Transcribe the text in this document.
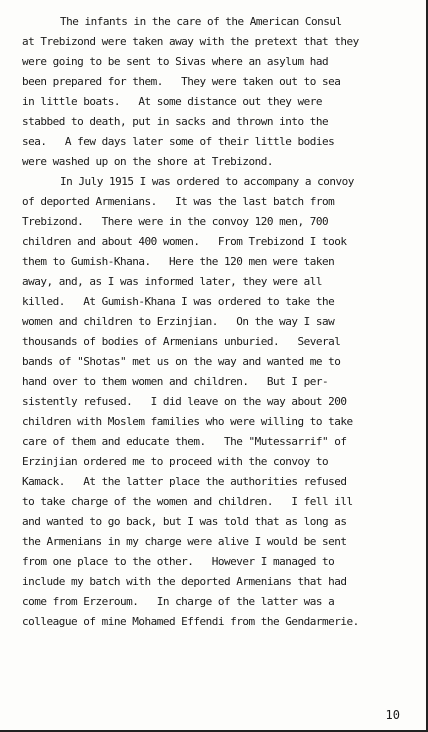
The infants in the care of the American Consul
at Trebizond were taken away with the pretext that they
were going to be sent to Sivas where an asylum had
been prepared for them.   They were taken out to sea
in little boats.   At some distance out they were
stabbed to death, put in sacks and thrown into the
sea.   A few days later some of their little bodies
were washed up on the shore at Trebizond.
In July 1915 I was ordered to accompany a convoy
of deported Armenians.   It was the last batch from
Trebizond.   There were in the convoy 120 men, 700
children and about 400 women.   From Trebizond I took
them to Gumish-Khana.   Here the 120 men were taken
away, and, as I was informed later, they were all
killed.   At Gumish-Khana I was ordered to take the
women and children to Erzinjian.   On the way I saw
thousands of bodies of Armenians unburied.   Several
bands of "Shotas" met us on the way and wanted me to
hand over to them women and children.   But I per-
sistently refused.   I did leave on the way about 200
children with Moslem families who were willing to take
care of them and educate them.   The "Mutessarrif" of
Erzinjian ordered me to proceed with the convoy to
Kamack.   At the latter place the authorities refused
to take charge of the women and children.   I fell ill
and wanted to go back, but I was told that as long as
the Armenians in my charge were alive I would be sent
from one place to the other.   However I managed to
include my batch with the deported Armenians that had
come from Erzeroum.   In charge of the latter was a
colleague of mine Mohamed Effendi from the Gendarmerie.
10
